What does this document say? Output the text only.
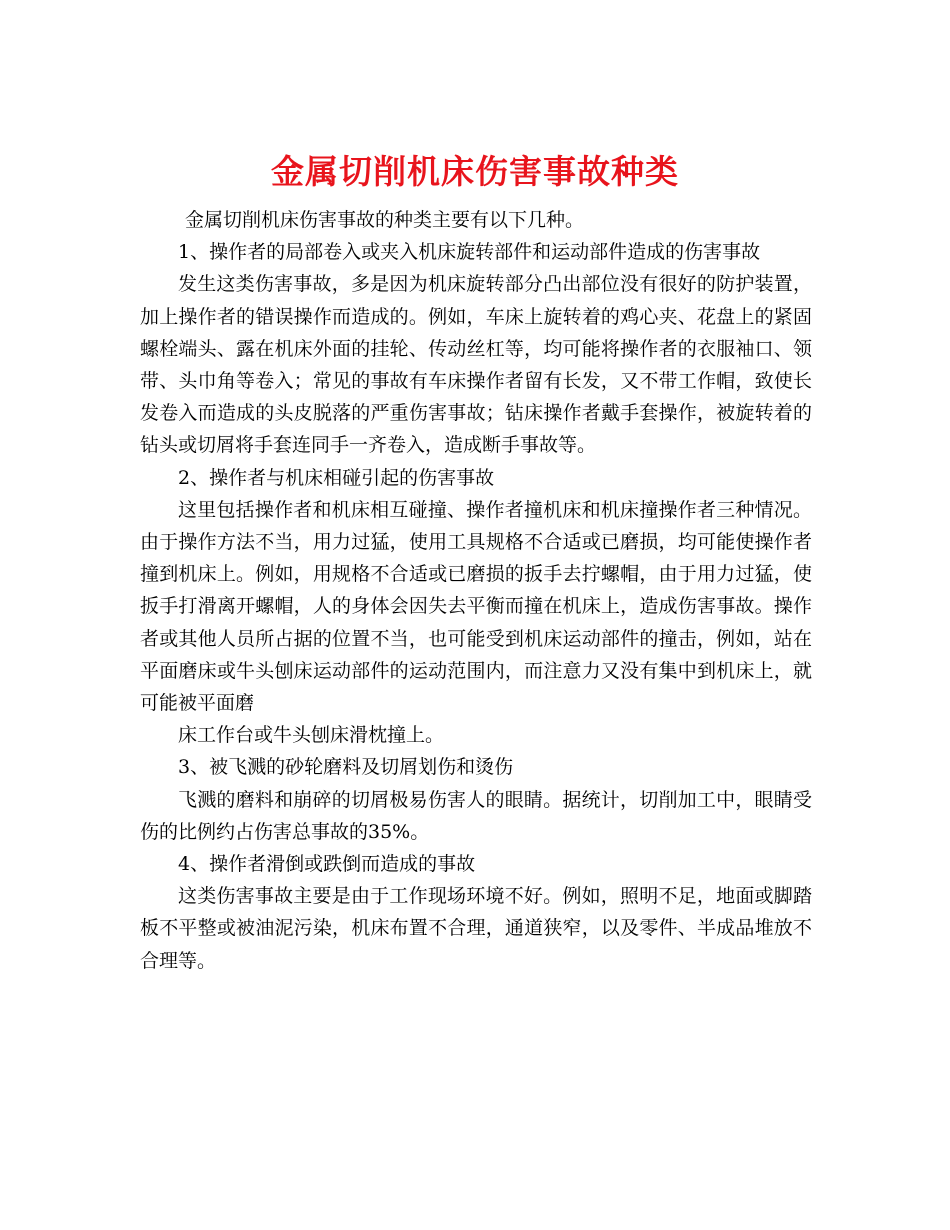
金属切削机床伤害事故种类

金属切削机床伤害事故的种类主要有以下几种。

1、操作者的局部卷入或夹入机床旋转部件和运动部件造成的伤害事故

发生这类伤害事故，多是因为机床旋转部分凸出部位没有很好的防护装置，加上操作者的错误操作而造成的。例如，车床上旋转着的鸡心夹、花盘上的紧固螺栓端头、露在机床外面的挂轮、传动丝杠等，均可能将操作者的衣服袖口、领带、头巾角等卷入；常见的事故有车床操作者留有长发，又不带工作帽，致使长发卷入而造成的头皮脱落的严重伤害事故；钻床操作者戴手套操作，被旋转着的钻头或切屑将手套连同手一齐卷入，造成断手事故等。

2、操作者与机床相碰引起的伤害事故

这里包括操作者和机床相互碰撞、操作者撞机床和机床撞操作者三种情况。由于操作方法不当，用力过猛，使用工具规格不合适或已磨损，均可能使操作者撞到机床上。例如，用规格不合适或已磨损的扳手去拧螺帽，由于用力过猛，使扳手打滑离开螺帽，人的身体会因失去平衡而撞在机床上，造成伤害事故。操作者或其他人员所占据的位置不当，也可能受到机床运动部件的撞击，例如，站在平面磨床或牛头刨床运动部件的运动范围内，而注意力又没有集中到机床上，就可能被平面磨

床工作台或牛头刨床滑枕撞上。

3、被飞溅的砂轮磨料及切屑划伤和烫伤

飞溅的磨料和崩碎的切屑极易伤害人的眼睛。据统计，切削加工中，眼睛受伤的比例约占伤害总事故的35%。

4、操作者滑倒或跌倒而造成的事故

这类伤害事故主要是由于工作现场环境不好。例如，照明不足，地面或脚踏板不平整或被油泥污染，机床布置不合理，通道狭窄，以及零件、半成品堆放不合理等。
